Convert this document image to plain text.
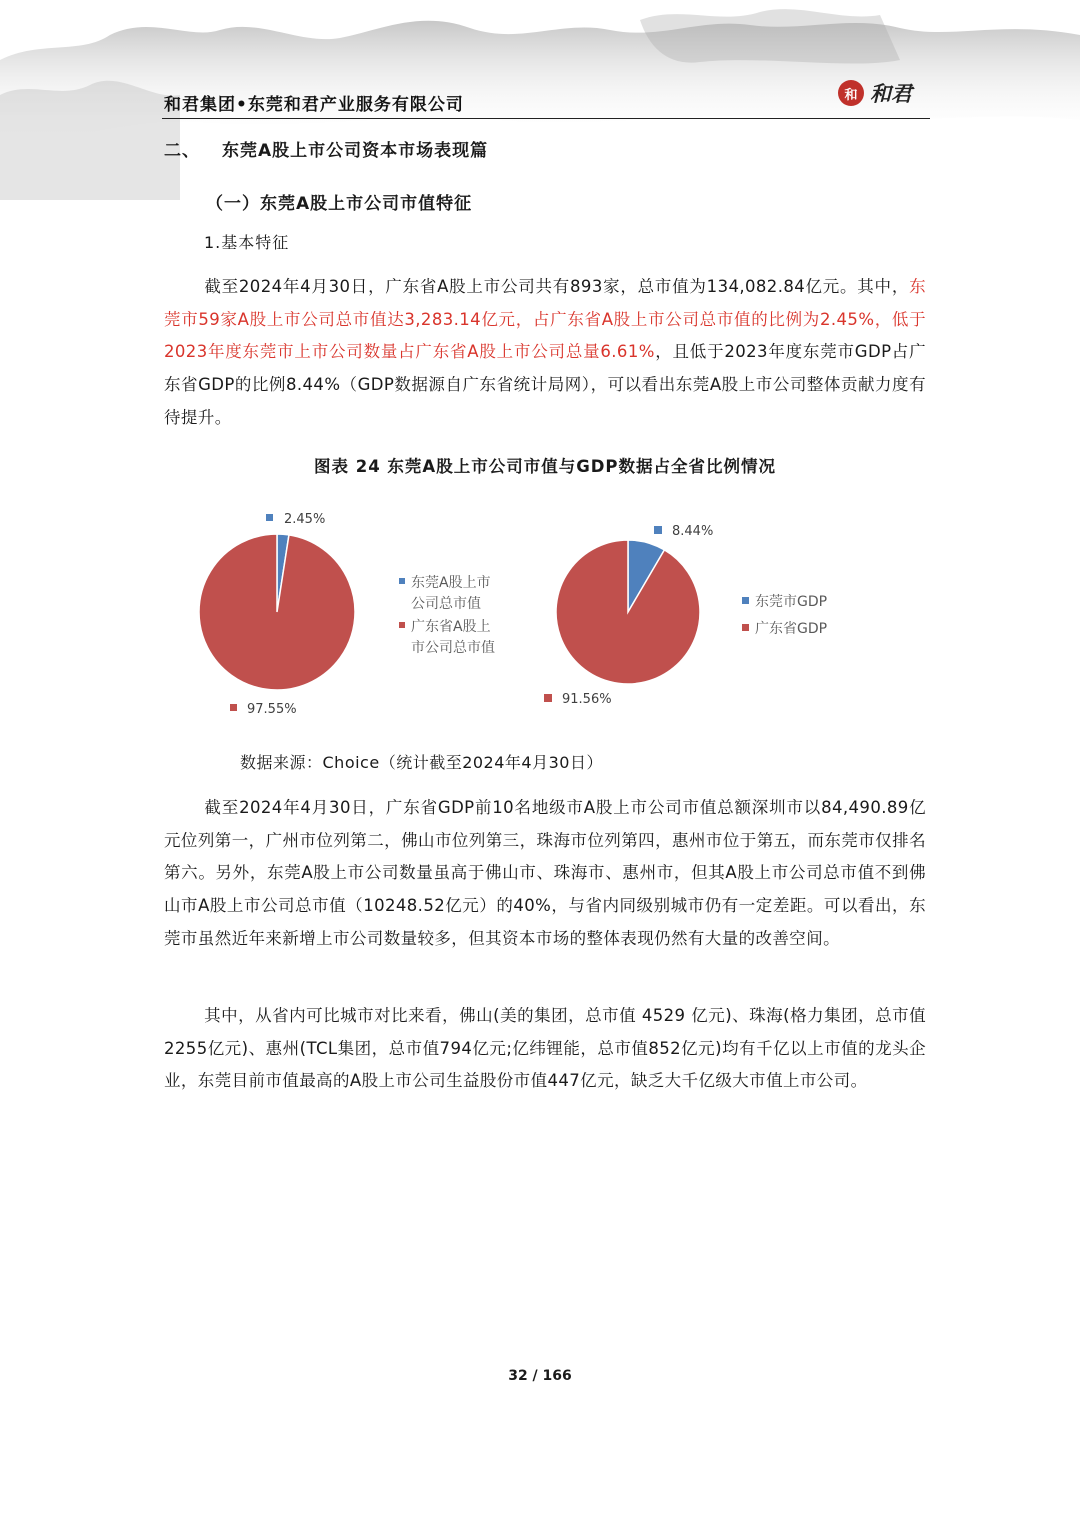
和君集团•东莞和君产业服务有限公司	和 和君
二、 东莞A股上市公司资本市场表现篇
（一）东莞A股上市公司市值特征
1.基本特征
截至2024年4月30日，广东省A股上市公司共有893家，总市值为134,082.84亿元。其中，东莞市59家A股上市公司总市值达3,283.14亿元，占广东省A股上市公司总市值的比例为2.45%，低于2023年度东莞市上市公司数量占广东省A股上市公司总量6.61%，且低于2023年度东莞市GDP占广东省GDP的比例8.44%（GDP数据源自广东省统计局网），可以看出东莞A股上市公司整体贡献力度有待提升。
图表 24 东莞A股上市公司市值与GDP数据占全省比例情况
2.45%
97.55%
东莞A股上市
公司总市值
广东省A股上
市公司总市值
8.44%
91.56%
东莞市GDP
广东省GDP
数据来源：Choice（统计截至2024年4月30日）
截至2024年4月30日，广东省GDP前10名地级市A股上市公司市值总额深圳市以84,490.89亿元位列第一，广州市位列第二，佛山市位列第三，珠海市位列第四，惠州市位于第五，而东莞市仅排名第六。另外，东莞A股上市公司数量虽高于佛山市、珠海市、惠州市，但其A股上市公司总市值不到佛山市A股上市公司总市值（10248.52亿元）的40%，与省内同级别城市仍有一定差距。可以看出，东莞市虽然近年来新增上市公司数量较多，但其资本市场的整体表现仍然有大量的改善空间。
其中，从省内可比城市对比来看，佛山(美的集团，总市值 4529 亿元)、珠海(格力集团，总市值2255亿元)、惠州(TCL集团，总市值794亿元;亿纬锂能，总市值852亿元)均有千亿以上市值的龙头企业，东莞目前市值最高的A股上市公司生益股份市值447亿元，缺乏大千亿级大市值上市公司。
32 / 166
